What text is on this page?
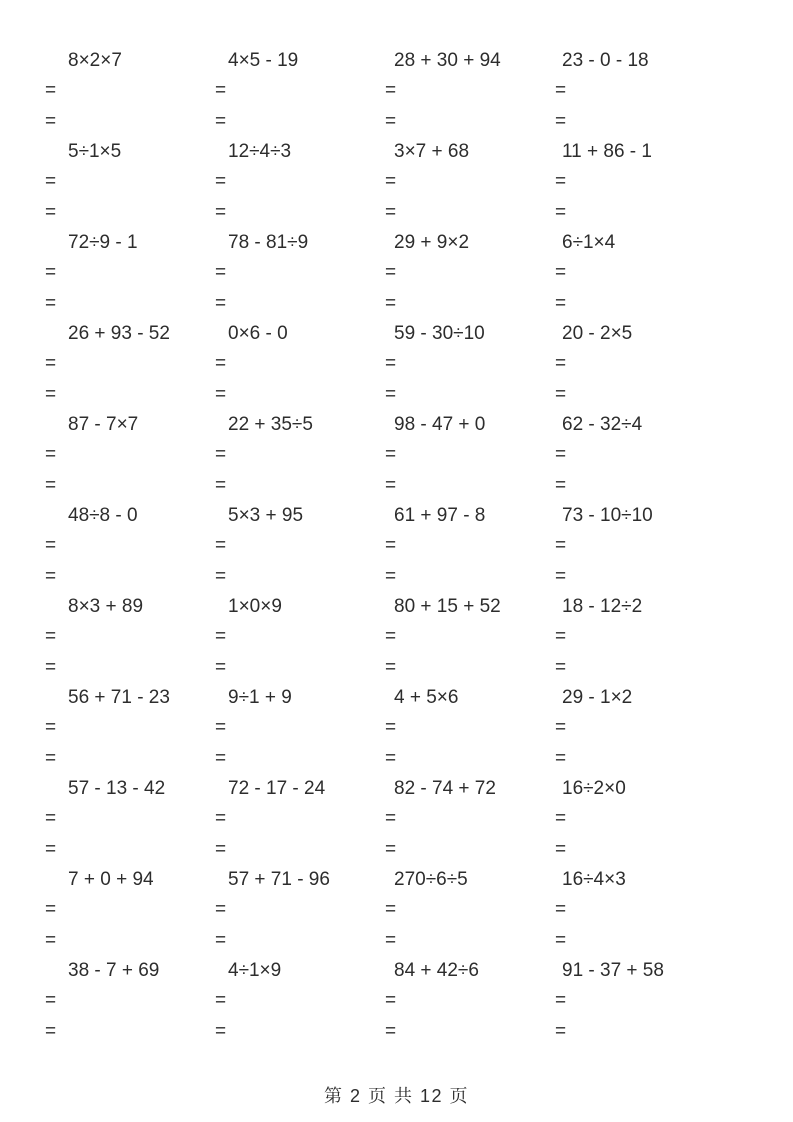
8×2×7
=
=
4×5 - 19
=
=
28 + 30 + 94
=
=
23 - 0 - 18
=
=
5÷1×5
=
=
12÷4÷3
=
=
3×7 + 68
=
=
11 + 86 - 1
=
=
72÷9 - 1
=
=
78 - 81÷9
=
=
29 + 9×2
=
=
6÷1×4
=
=
26 + 93 - 52
=
=
0×6 - 0
=
=
59 - 30÷10
=
=
20 - 2×5
=
=
87 - 7×7
=
=
22 + 35÷5
=
=
98 - 47 + 0
=
=
62 - 32÷4
=
=
48÷8 - 0
=
=
5×3 + 95
=
=
61 + 97 - 8
=
=
73 - 10÷10
=
=
8×3 + 89
=
=
1×0×9
=
=
80 + 15 + 52
=
=
18 - 12÷2
=
=
56 + 71 - 23
=
=
9÷1 + 9
=
=
4 + 5×6
=
=
29 - 1×2
=
=
57 - 13 - 42
=
=
72 - 17 - 24
=
=
82 - 74 + 72
=
=
16÷2×0
=
=
7 + 0 + 94
=
=
57 + 71 - 96
=
=
270÷6÷5
=
=
16÷4×3
=
=
38 - 7 + 69
=
=
4÷1×9
=
=
84 + 42÷6
=
=
91 - 37 + 58
=
=
第 2 页 共 12 页
